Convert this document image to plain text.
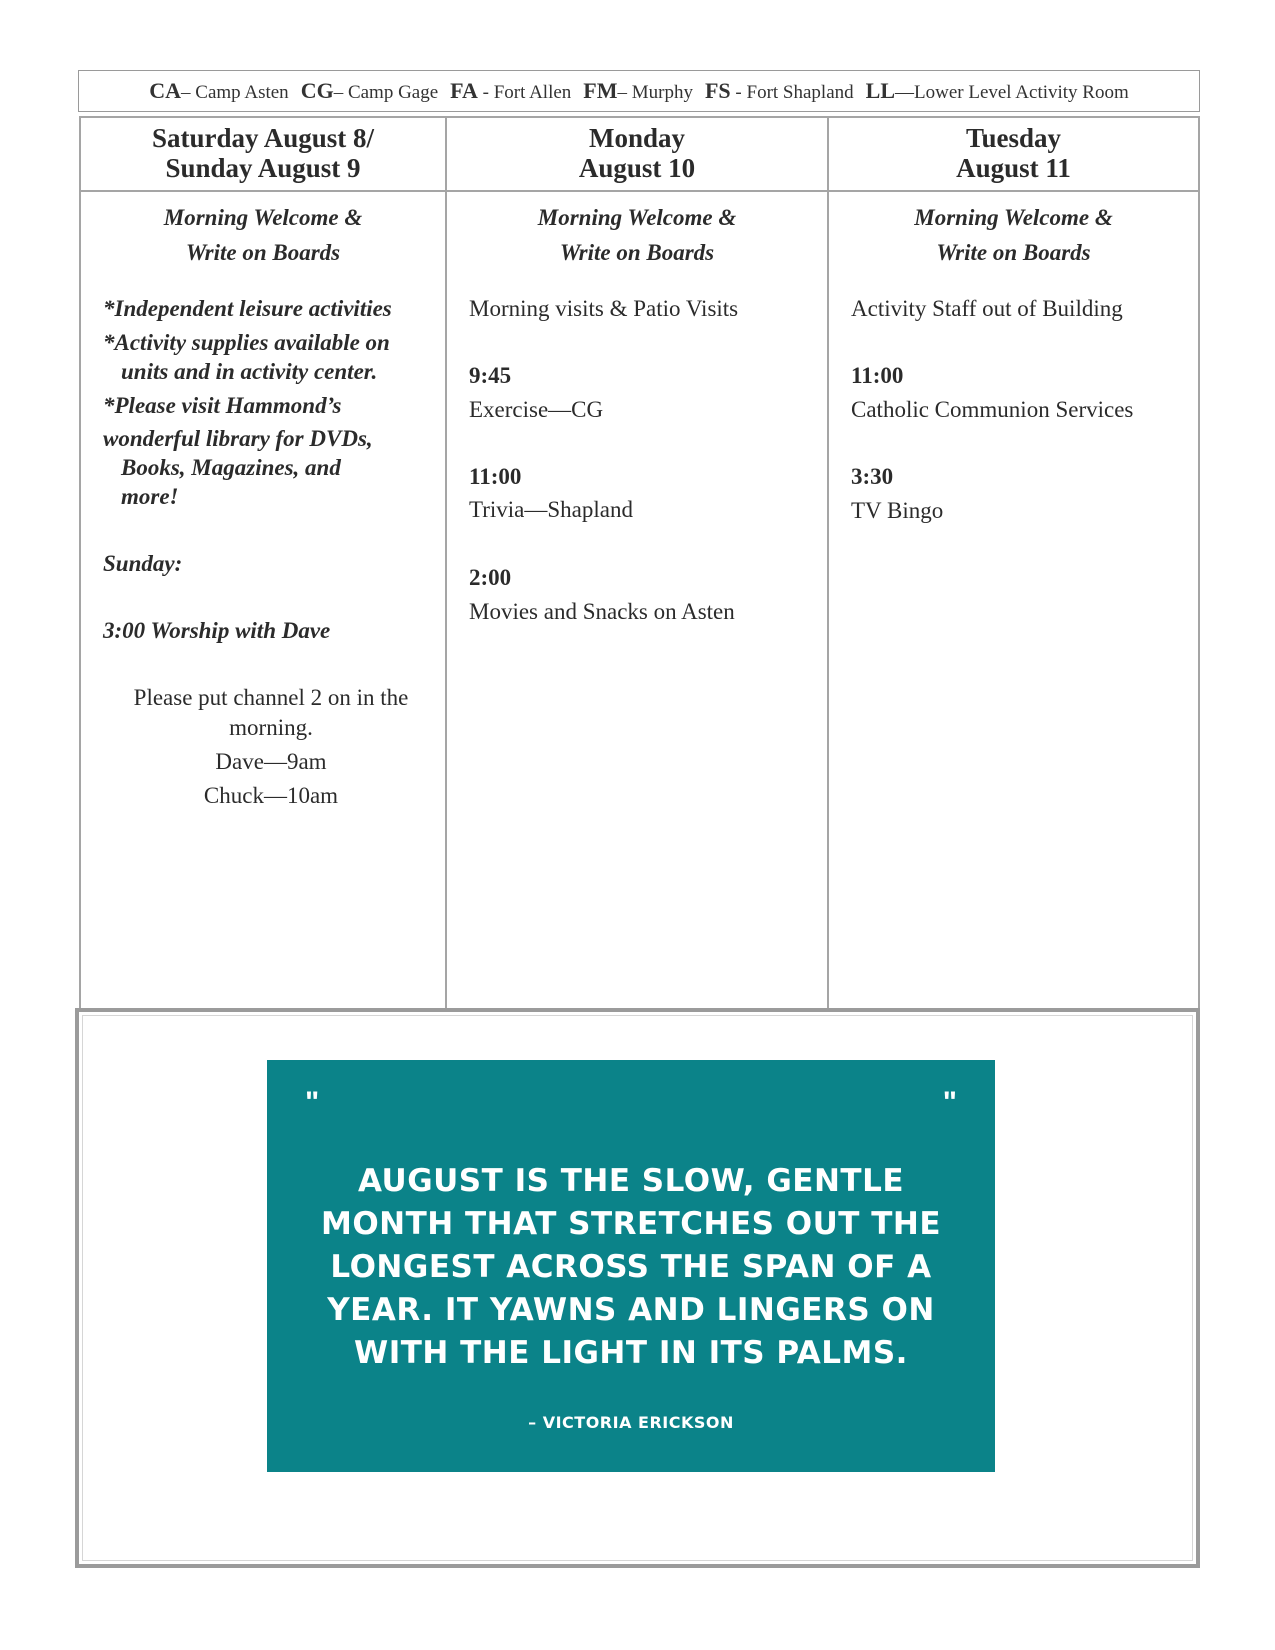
CA– Camp Asten CG– Camp Gage FA - Fort Allen FM– Murphy FS - Fort Shapland LL—Lower Level Activity Room
Saturday August 8/
Sunday August 9
Morning Welcome &
Write on Boards
*Independent leisure activities
*Activity supplies available on
units and in activity center.
*Please visit Hammond’s
wonderful library for DVDs,
Books, Magazines, and
more!
Sunday:
3:00 Worship with Dave
Please put channel 2 on in the
morning.
Dave—9am
Chuck—10am
Monday
August 10
Morning Welcome &
Write on Boards
Morning visits & Patio Visits
9:45
Exercise—CG
11:00
Trivia—Shapland
2:00
Movies and Snacks on Asten
Tuesday
August 11
Morning Welcome &
Write on Boards
Activity Staff out of Building
11:00
Catholic Communion Services
3:30
TV Bingo
"	"
AUGUST IS THE SLOW, GENTLE
MONTH THAT STRETCHES OUT THE
LONGEST ACROSS THE SPAN OF A
YEAR. IT YAWNS AND LINGERS ON
WITH THE LIGHT IN ITS PALMS.
– VICTORIA ERICKSON
